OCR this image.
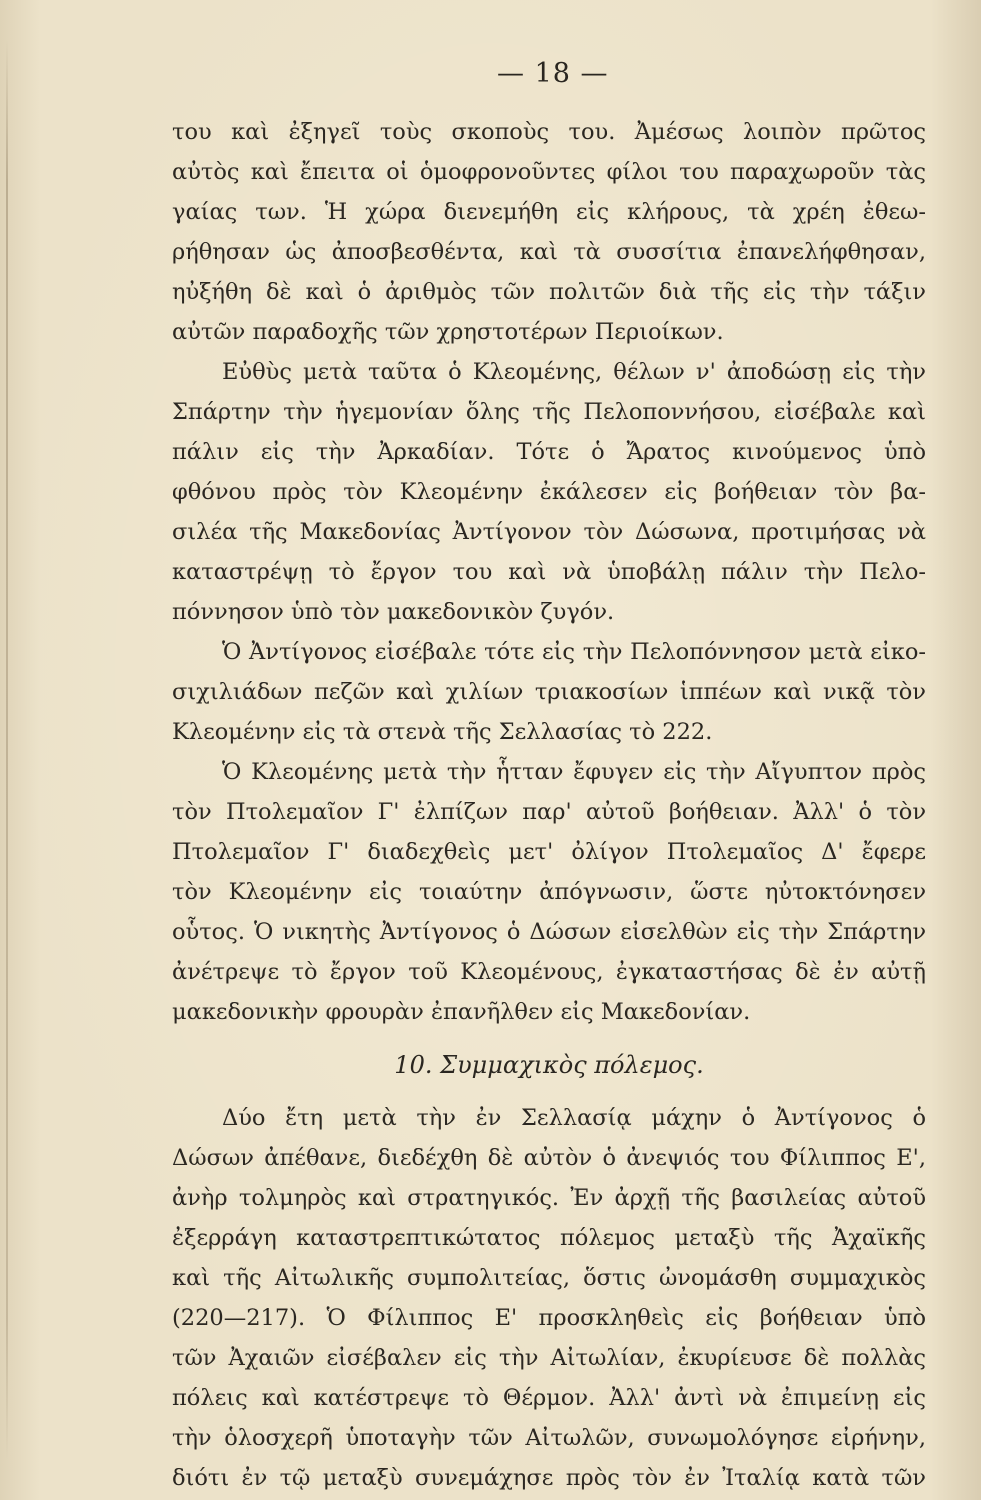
— 18 —
του καὶ ἐξηγεῖ τοὺς σκοποὺς του. Ἀμέσως λοιπὸν πρῶτος
αὐτὸς καὶ ἔπειτα οἱ ὁμοφρονοῦντες φίλοι του παραχωροῦν τὰς
γαίας των. Ἡ χώρα διενεμήθη εἰς κλήρους, τὰ χρέη ἐθεω-
ρήθησαν ὡς ἀποσβεσθέντα, καὶ τὰ συσσίτια ἐπανελήφθησαν,
ηὐξήθη δὲ καὶ ὁ ἀριθμὸς τῶν πολιτῶν διὰ τῆς εἰς τὴν τάξιν
αὐτῶν παραδοχῆς τῶν χρηστοτέρων Περιοίκων.
Εὐθὺς μετὰ ταῦτα ὁ Κλεομένης, θέλων ν' ἀποδώσῃ εἰς τὴν
Σπάρτην τὴν ἡγεμονίαν ὅλης τῆς Πελοποννήσου, εἰσέβαλε καὶ
πάλιν εἰς τὴν Ἀρκαδίαν. Τότε ὁ Ἄρατος κινούμενος ὑπὸ
φθόνου πρὸς τὸν Κλεομένην ἐκάλεσεν εἰς βοήθειαν τὸν βα-
σιλέα τῆς Μακεδονίας Ἀντίγονον τὸν Δώσωνα, προτιμήσας νὰ
καταστρέψῃ τὸ ἔργον του καὶ νὰ ὑποβάλῃ πάλιν τὴν Πελο-
πόννησον ὑπὸ τὸν μακεδονικὸν ζυγόν.
Ὁ Ἀντίγονος εἰσέβαλε τότε εἰς τὴν Πελοπόννησον μετὰ εἰκο-
σιχιλιάδων πεζῶν καὶ χιλίων τριακοσίων ἱππέων καὶ νικᾷ τὸν
Κλεομένην εἰς τὰ στενὰ τῆς Σελλασίας τὸ 222.
Ὁ Κλεομένης μετὰ τὴν ἧτταν ἔφυγεν εἰς τὴν Αἴγυπτον πρὸς
τὸν Πτολεμαῖον Γ' ἐλπίζων παρ' αὐτοῦ βοήθειαν. Ἀλλ' ὁ τὸν
Πτολεμαῖον Γ' διαδεχθεὶς μετ' ὀλίγον Πτολεμαῖος Δ' ἔφερε
τὸν Κλεομένην εἰς τοιαύτην ἀπόγνωσιν, ὥστε ηὐτοκτόνησεν
οὗτος. Ὁ νικητὴς Ἀντίγονος ὁ Δώσων εἰσελθὼν εἰς τὴν Σπάρτην
ἀνέτρεψε τὸ ἔργον τοῦ Κλεομένους, ἐγκαταστήσας δὲ ἐν αὐτῇ
μακεδονικὴν φρουρὰν ἐπανῆλθεν εἰς Μακεδονίαν.
10. Συμμαχικὸς πόλεμος.
Δύο ἔτη μετὰ τὴν ἐν Σελλασίᾳ μάχην ὁ Ἀντίγονος ὁ
Δώσων ἀπέθανε, διεδέχθη δὲ αὐτὸν ὁ ἀνεψιός του Φίλιππος Ε',
ἀνὴρ τολμηρὸς καὶ στρατηγικός. Ἐν ἀρχῇ τῆς βασιλείας αὐτοῦ
ἐξερράγη καταστρεπτικώτατος πόλεμος μεταξὺ τῆς Ἀχαϊκῆς
καὶ τῆς Αἰτωλικῆς συμπολιτείας, ὅστις ὠνομάσθη συμμαχικὸς
(220—217). Ὁ Φίλιππος Ε' προσκληθεὶς εἰς βοήθειαν ὑπὸ
τῶν Ἀχαιῶν εἰσέβαλεν εἰς τὴν Αἰτωλίαν, ἐκυρίευσε δὲ πολλὰς
πόλεις καὶ κατέστρεψε τὸ Θέρμον. Ἀλλ' ἀντὶ νὰ ἐπιμείνῃ εἰς
τὴν ὁλοσχερῆ ὑποταγὴν τῶν Αἰτωλῶν, συνωμολόγησε εἰρήνην,
διότι ἐν τῷ μεταξὺ συνεμάχησε πρὸς τὸν ἐν Ἰταλίᾳ κατὰ τῶν
